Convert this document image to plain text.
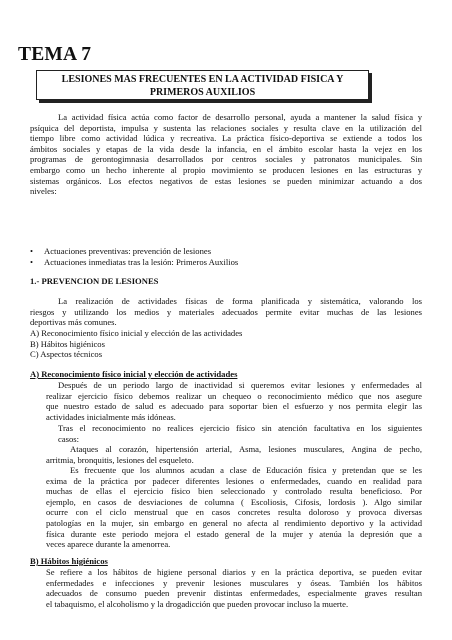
TEMA 7
LESIONES MAS FRECUENTES EN LA ACTIVIDAD FISICA Y
PRIMEROS AUXILIOS
La actividad física actúa como factor de desarrollo personal, ayuda a mantener la salud física y
psíquica del deportista, impulsa y sustenta las relaciones sociales y resulta clave en la utilización del
tiempo libre como actividad lúdica y recreativa. La práctica físico-deportiva se extiende a todos los
ámbitos sociales y etapas de la vida desde la infancia, en el ámbito escolar hasta la vejez en los
programas de gerontogimnasia desarrollados por centros sociales y patronatos municipales. Sin
embargo como un hecho inherente al propio movimiento se producen lesiones en las estructuras y
sistemas orgánicos. Los efectos negativos de estas lesiones se pueden minimizar actuando a dos
niveles:
• Actuaciones preventivas: prevención de lesiones
• Actuaciones inmediatas tras la lesión: Primeros Auxilios
1.- PREVENCION DE LESIONES
La realización de actividades físicas de forma planificada y sistemática, valorando los
riesgos y utilizando los medios y materiales adecuados permite evitar muchas de las lesiones
deportivas más comunes.
A) Reconocimiento físico inicial y elección de las actividades
B) Hábitos higiénicos
C) Aspectos técnicos
A) Reconocimiento físico inicial y elección de actividades
Después de un periodo largo de inactividad si queremos evitar lesiones y enfermedades al
realizar ejercicio físico debemos realizar un chequeo o reconocimiento médico que nos asegure
que nuestro estado de salud es adecuado para soportar bien el esfuerzo y nos permita elegir las
actividades inicialmente más idóneas.
Tras el reconocimiento no realices ejercicio físico sin atención facultativa en los siguientes
casos:
Ataques al corazón, hipertensión arterial, Asma, lesiones musculares, Angina de pecho,
arritmia, bronquitis, lesiones del esqueleto.
Es frecuente que los alumnos acudan a clase de Educación física y pretendan que se les
exima de la práctica por padecer diferentes lesiones o enfermedades, cuando en realidad para
muchas de ellas el ejercicio físico bien seleccionado y controlado resulta beneficioso. Por
ejemplo, en casos de desviaciones de columna ( Escoliosis, Cifosis, lordosis ). Algo similar
ocurre con el ciclo menstrual que en casos concretes resulta doloroso y provoca diversas
patologías en la mujer, sin embargo en general no afecta al rendimiento deportivo y la actividad
física durante este periodo mejora el estado general de la mujer y atenúa la depresión que a
veces aparece durante la amenorrea.
B) Hábitos higiénicos
Se refiere a los hábitos de higiene personal diarios y en la práctica deportiva, se pueden evitar
enfermedades e infecciones y prevenir lesiones musculares y óseas. También los hábitos
adecuados de consumo pueden prevenir distintas enfermedades, especialmente graves resultan
el tabaquismo, el alcoholismo y la drogadicción que pueden provocar incluso la muerte.
